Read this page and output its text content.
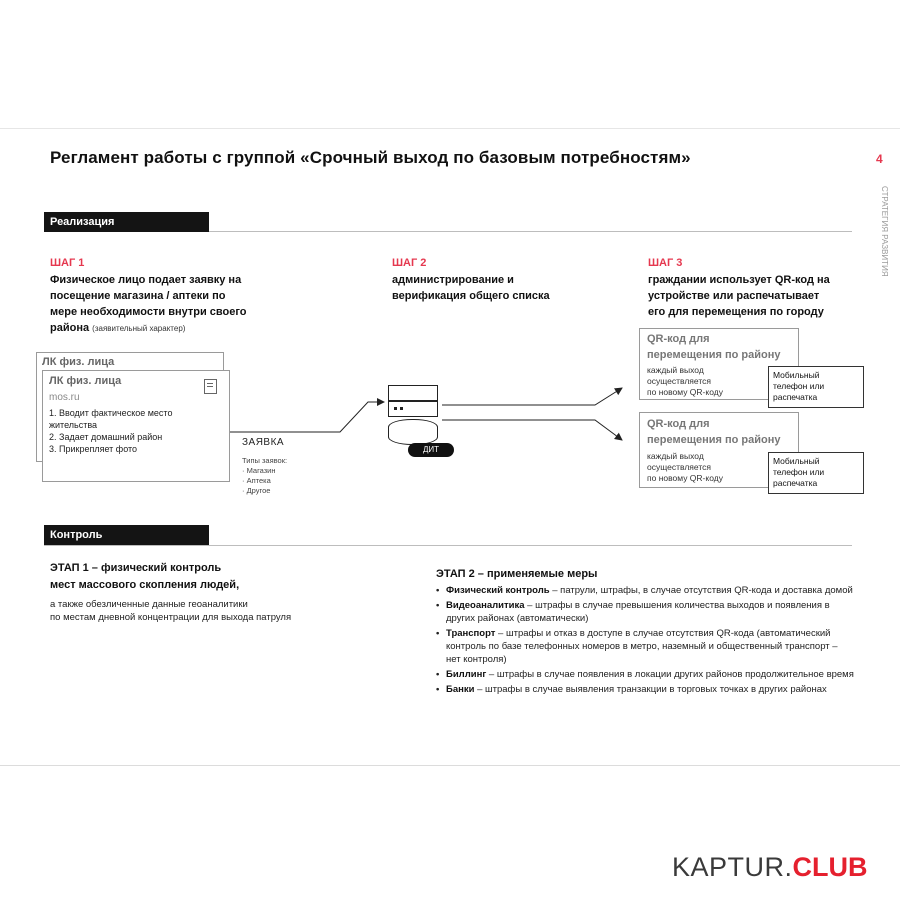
Регламент работы с группой «Срочный выход по базовым потребностям»	4
СТРАТЕГИЯ РАЗВИТИЯ
Реализация
ШАГ 1
Физическое лицо подает заявку на
посещение магазина / аптеки по
мере необходимости внутри своего
района (заявительный характер)
ШАГ 2
администрирование и
верификация общего списка
ШАГ 3
граждании использует QR-код на
устройстве или распечатывает
его для перемещения по городу
ЛК физ. лица
ЛК физ. лица
mos.ru
1. Вводит фактическое место
жительства
2. Задает домашний район
3. Прикрепляет фото
ЗАЯВКА
Типы заявок:
· Магазин
· Аптека
· Другое
ДИТ
QR-код для
перемещения по району
каждый выход
осуществляется
по новому QR-коду
Мобильный
телефон или
распечатка
QR-код для
перемещения по району
каждый выход
осуществляется
по новому QR-коду
Мобильный
телефон или
распечатка
Контроль
ЭТАП 1 – физический контроль
мест массового скопления людей,
а также обезличенные данные геоаналитики
по местам дневной концентрации для выхода патруля
ЭТАП 2 – применяемые меры
• Физический контроль – патрули, штрафы, в случае отсутствия QR-кода и доставка домой
• Видеоаналитика – штрафы в случае превышения количества выходов и появления в других районах (автоматически)
• Транспорт – штрафы и отказ в доступе в случае отсутствия QR-кода (автоматический контроль по базе телефонных номеров в метро, наземный и общественный транспорт – нет контроля)
• Биллинг – штрафы в случае появления в локации других районов продолжительное время
• Банки – штрафы в случае выявления транзакции в торговых точках в других районах
KAPTUR.CLUB
